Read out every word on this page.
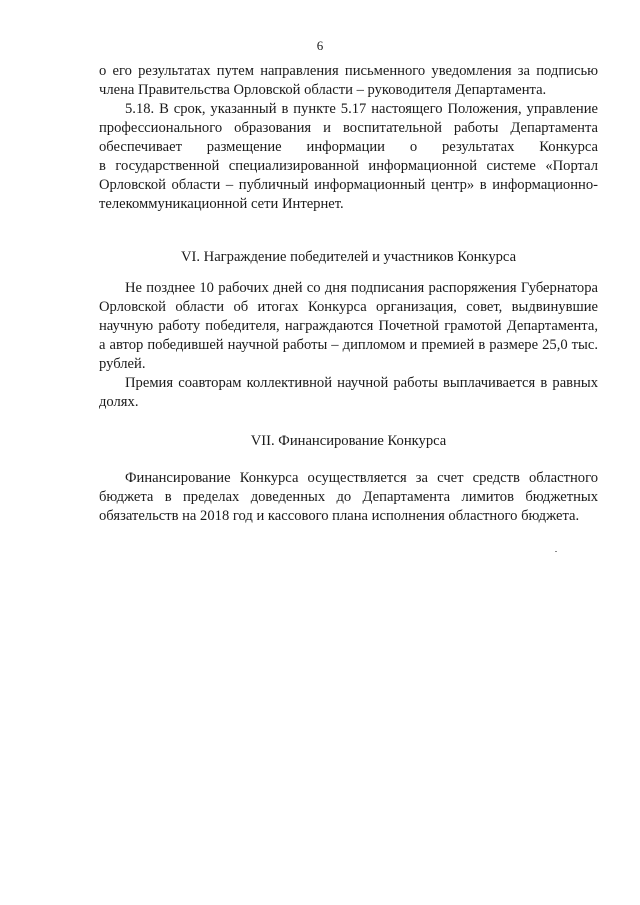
6

о его результатах путем направления письменного уведомления за подписью члена Правительства Орловской области – руководителя Департамента.

5.18. В срок, указанный в пункте 5.17 настоящего Положения, управление профессионального образования и воспитательной работы Департамента

обеспечивает размещение информации о результатах Конкурса

в государственной специализированной информационной системе «Портал Орловской области – публичный информационный центр» в информационно-телекоммуникационной сети Интернет.

VI. Награждение победителей и участников Конкурса

Не позднее 10 рабочих дней со дня подписания распоряжения Губернатора Орловской области об итогах Конкурса организация, совет, выдвинувшие научную работу победителя, награждаются Почетной грамотой Департамента, а автор победившей научной работы – дипломом и премией в размере 25,0 тыс. рублей.

Премия соавторам коллективной научной работы выплачивается в равных долях.

VII. Финансирование Конкурса

Финансирование Конкурса осуществляется за счет средств областного бюджета в пределах доведенных до Департамента лимитов бюджетных обязательств на 2018 год и кассового плана исполнения областного бюджета.
